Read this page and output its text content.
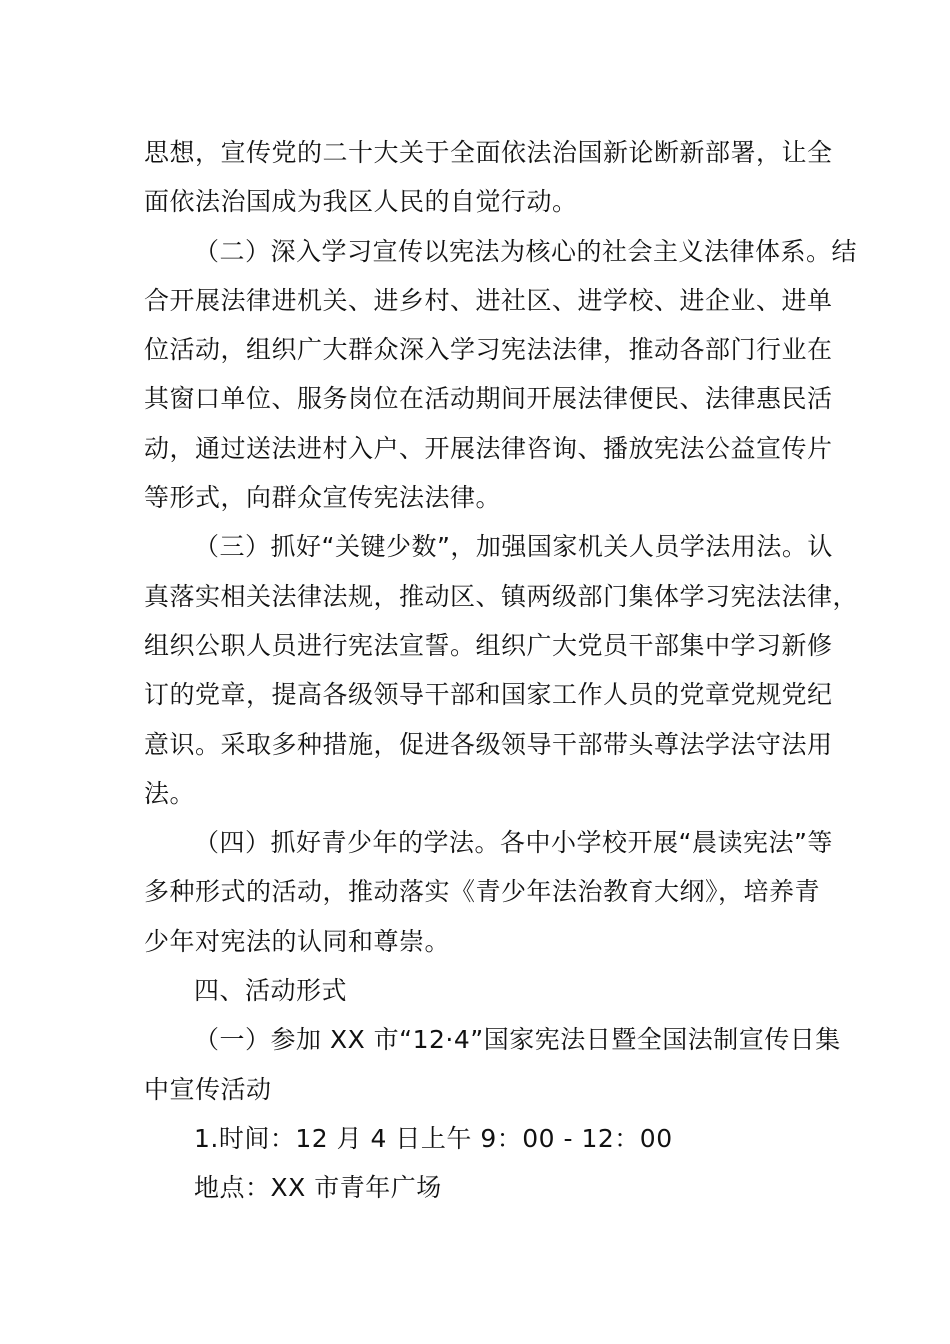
思想，宣传党的二十大关于全面依法治国新论断新部署，让全
面依法治国成为我区人民的自觉行动。

（二）深入学习宣传以宪法为核心的社会主义法律体系。结
合开展法律进机关、进乡村、进社区、进学校、进企业、进单
位活动，组织广大群众深入学习宪法法律，推动各部门行业在
其窗口单位、服务岗位在活动期间开展法律便民、法律惠民活
动，通过送法进村入户、开展法律咨询、播放宪法公益宣传片
等形式，向群众宣传宪法法律。

（三）抓好“关键少数”，加强国家机关人员学法用法。认
真落实相关法律法规，推动区、镇两级部门集体学习宪法法律，
组织公职人员进行宪法宣誓。组织广大党员干部集中学习新修
订的党章，提高各级领导干部和国家工作人员的党章党规党纪
意识。采取多种措施，促进各级领导干部带头尊法学法守法用
法。

（四）抓好青少年的学法。各中小学校开展“晨读宪法”等
多种形式的活动，推动落实《青少年法治教育大纲》，培养青
少年对宪法的认同和尊崇。

四、活动形式

（一）参加 XX 市“12·4”国家宪法日暨全国法制宣传日集
中宣传活动

1.时间：12 月 4 日上午 9：00 - 12：00

地点：XX 市青年广场
